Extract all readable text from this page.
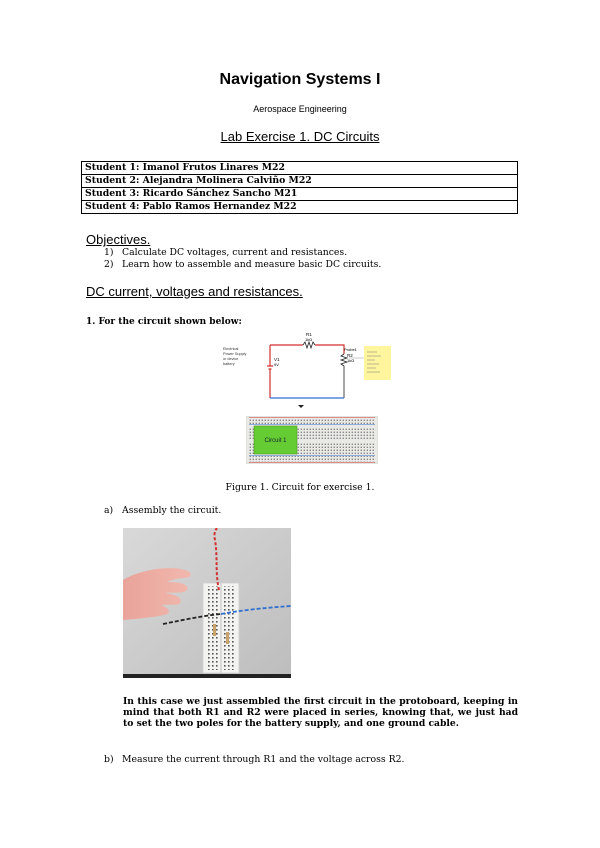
Navigation Systems I
Aerospace Engineering
Lab Exercise 1. DC Circuits
Student 1: Imanol Frutos Linares M22
Student 2: Alejandra Molinera Calviño M22
Student 3: Ricardo Sánchez Sancho M21
Student 4: Pablo Ramos Hernandez M22
Objectives.
1) Calculate DC voltages, current and resistances.
2) Learn how to assemble and measure basic DC circuits.
DC current, voltages and resistances.
1. For the circuit shown below:
Electrical
Power Supply
or device
battery
R1
1kΩ
R2
1kΩ
Probe1
V1
9V
Circuit 1
Figure 1. Circuit for exercise 1.
a) Assembly the circuit.
In this case we just assembled the first circuit in the protoboard, keeping in mind that both R1 and R2 were placed in series, knowing that, we just had to set the two poles for the battery supply, and one ground cable.
b) Measure the current through R1 and the voltage across R2.
